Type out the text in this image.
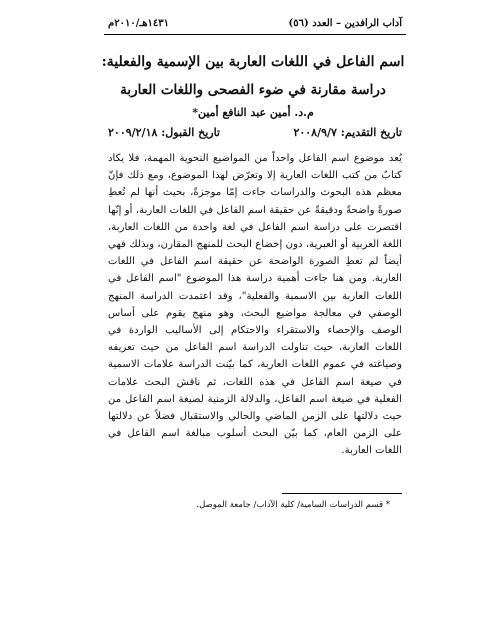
آداب الرافدين – العدد (٥٦)
١٤٣١هـ/٢٠١٠م
اسم الفاعل في اللغات العاربة بين الإسمية والفعلية:
دراسة مقارنة في ضوء الفصحى واللغات العاربة
م.د. أمين عبد النافع أمين*
تاريخ التقديم: ٢٠٠٨/٩/٧
تاريخ القبول: ٢٠٠٩/٢/١٨

يُعد موضوع اسم الفاعل واحداً من المواضيع النحوية المهمة، فلا يكاد كتابٌ من كتب اللغات العارية إلا وتعرّض لهذا الموضوع، ومع ذلك فإنّ معظم هذه البحوث والدراسات جاءت إمّا موجزةً، بحيث أنها لم تُعطِ صورةً واضحةً ودقيقةً عن حقيقة اسم الفاعل في اللغات العاربة، أو إنّها اقتصرت على دراسة اسم الفاعل في لغة واحدة من اللغات العاربة، اللغة العربية أو العبرية، دون إخضاع البحث للمنهج المقارن، وبذلك فهي أيضاً لم تعطِ الصورة الواضحة عن حقيقة اسم الفاعل في اللغات العاربة. ومن هنا جاءت أهمية دراسة هذا الموضوع "اسم الفاعل في اللغات العاربة بين الاسمية والفعلية"، وقد اعتمدت الدراسة المنهج الوصفي في معالجة مواضيع البحث، وهو منهج يقوم على أساس الوصف والإحصاء والاستقراء والاحتكام إلى الأساليب الواردة في اللغات العاربة، حيث تناولت الدراسة اسم الفاعل من حيث تعريفه وصياغته في عموم اللغات العاربة، كما بيّنت الدراسة علامات الاسمية في صيغة اسم الفاعل في هذه اللغات، ثم ناقش البحث علامات الفعلية في صيغة اسم الفاعل، والدلالة الزمنية لصيغة اسم الفاعل من حيث دلالتها على الزمن الماضي والحالي والاستقبال فضلاً عن دلالتها على الزمن العام، كما بيّن البحث أسلوب مبالغة اسم الفاعل في اللغات العاربة.

* قسم الدراسات السامية/ كلية الآداب/ جامعة الموصل.
